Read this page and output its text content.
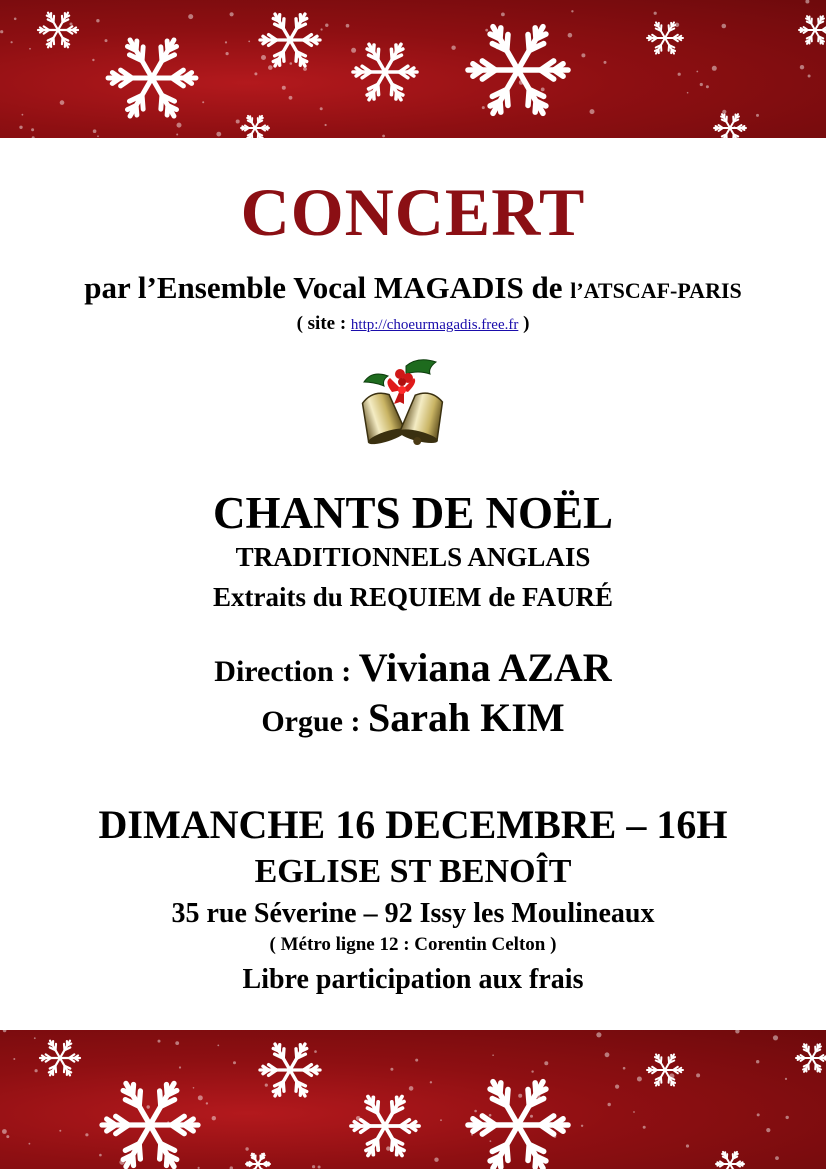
CONCERT
par l’Ensemble Vocal MAGADIS de l’ATSCAF-PARIS
( site : http://choeurmagadis.free.fr )
CHANTS DE NOËL
TRADITIONNELS ANGLAIS
Extraits du REQUIEM de FAURÉ
Direction : Viviana AZAR
Orgue : Sarah KIM
DIMANCHE 16 DECEMBRE – 16H
EGLISE ST BENOÎT
35 rue Séverine – 92 Issy les Moulineaux
( Métro ligne 12 : Corentin Celton )
Libre participation aux frais
